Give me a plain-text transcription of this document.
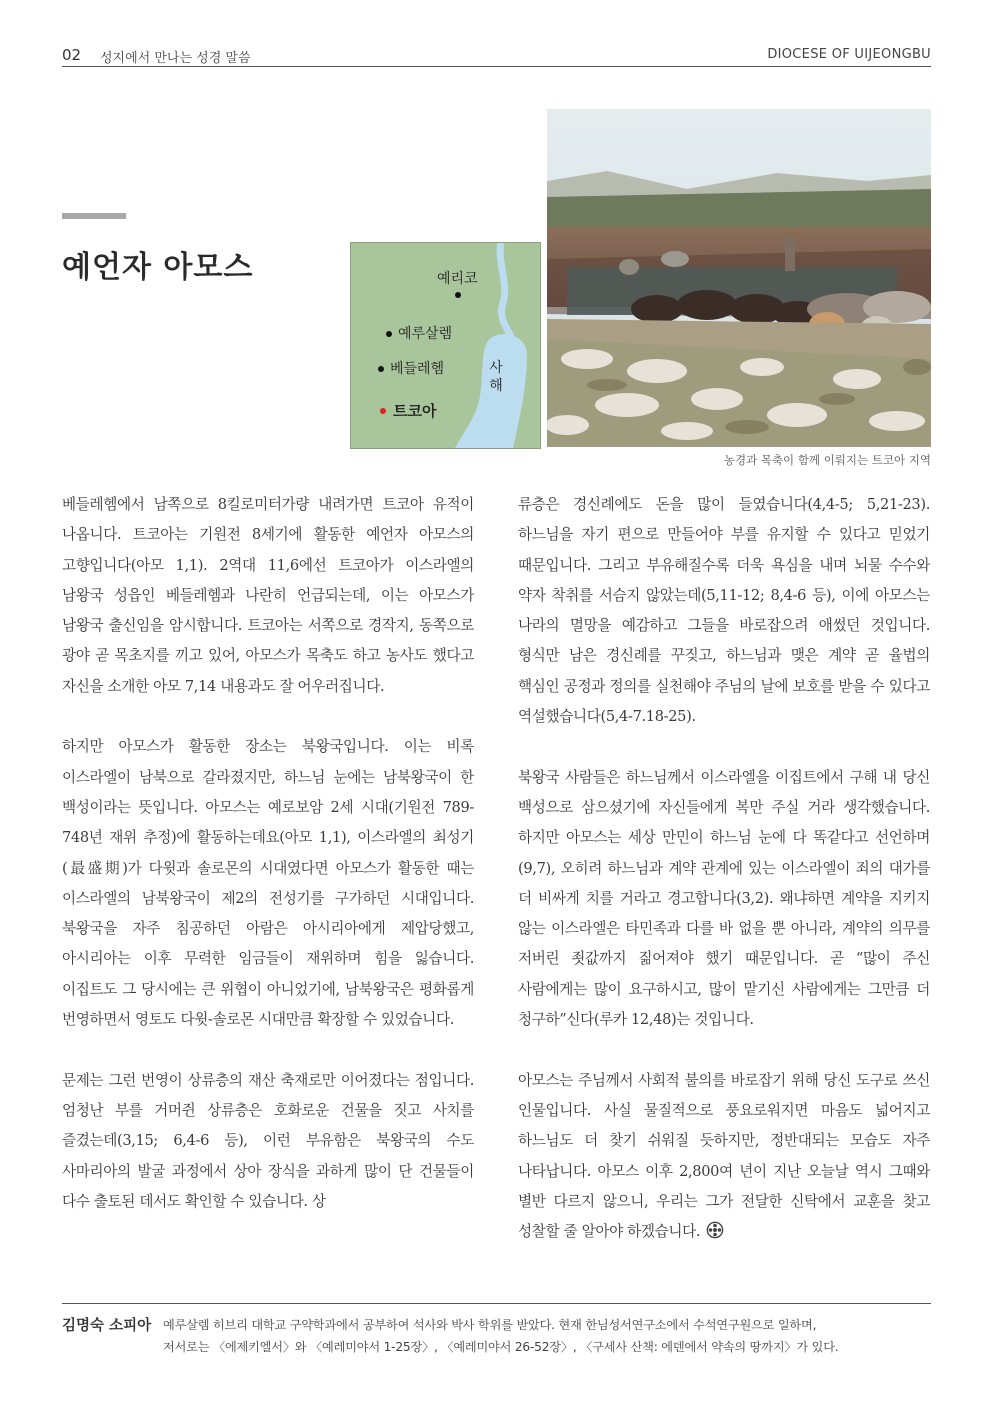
02 성지에서 만나는 성경 말씀	DIOCESE OF UIJEONGBU
예언자 아모스	예리코
예루살렘
베들레헴
트코아
사
해
농경과 목축이 함께 이뤄지는 트코아 지역

베들레헴에서 남쪽으로 8킬로미터가량 내려가면 트코아 유적이 나옵니다. 트코아는 기원전 8세기에 활동한 예언자 아모스의 고향입니다(아모 1,1). 2역대 11,6에선 트코아가 이스라엘의 남왕국 성읍인 베들레헴과 나란히 언급되는데, 이는 아모스가 남왕국 출신임을 암시합니다. 트코아는 서쪽으로 경작지, 동쪽으로 광야 곧 목초지를 끼고 있어, 아모스가 목축도 하고 농사도 했다고 자신을 소개한 아모 7,14 내용과도 잘 어우러집니다.

하지만 아모스가 활동한 장소는 북왕국입니다. 이는 비록 이스라엘이 남북으로 갈라졌지만, 하느님 눈에는 남북왕국이 한 백성이라는 뜻입니다. 아모스는 예로보암 2세 시대(기원전 789-748년 재위 추정)에 활동하는데요(아모 1,1), 이스라엘의 최성기(最盛期)가 다윗과 솔로몬의 시대였다면 아모스가 활동한 때는 이스라엘의 남북왕국이 제2의 전성기를 구가하던 시대입니다. 북왕국을 자주 침공하던 아람은 아시리아에게 제압당했고, 아시리아는 이후 무력한 임금들이 재위하며 힘을 잃습니다. 이집트도 그 당시에는 큰 위협이 아니었기에, 남북왕국은 평화롭게 번영하면서 영토도 다윗-솔로몬 시대만큼 확장할 수 있었습니다.

문제는 그런 번영이 상류층의 재산 축재로만 이어졌다는 점입니다. 엄청난 부를 거머쥔 상류층은 호화로운 건물을 짓고 사치를 즐겼는데(3,15; 6,4-6 등), 이런 부유함은 북왕국의 수도 사마리아의 발굴 과정에서 상아 장식을 과하게 많이 단 건물들이 다수 출토된 데서도 확인할 수 있습니다. 상

류층은 경신례에도 돈을 많이 들였습니다(4,4-5; 5,21-23). 하느님을 자기 편으로 만들어야 부를 유지할 수 있다고 믿었기 때문입니다. 그리고 부유해질수록 더욱 욕심을 내며 뇌물 수수와 약자 착취를 서슴지 않았는데(5,11-12; 8,4-6 등), 이에 아모스는 나라의 멸망을 예감하고 그들을 바로잡으려 애썼던 것입니다. 형식만 남은 경신례를 꾸짖고, 하느님과 맺은 계약 곧 율법의 핵심인 공정과 정의를 실천해야 주님의 날에 보호를 받을 수 있다고 역설했습니다(5,4-7.18-25).

북왕국 사람들은 하느님께서 이스라엘을 이집트에서 구해 내 당신 백성으로 삼으셨기에 자신들에게 복만 주실 거라 생각했습니다. 하지만 아모스는 세상 만민이 하느님 눈에 다 똑같다고 선언하며(9,7), 오히려 하느님과 계약 관계에 있는 이스라엘이 죄의 대가를 더 비싸게 치를 거라고 경고합니다(3,2). 왜냐하면 계약을 지키지 않는 이스라엘은 타민족과 다를 바 없을 뿐 아니라, 계약의 의무를 저버린 죗값까지 짊어져야 했기 때문입니다. 곧 “많이 주신 사람에게는 많이 요구하시고, 많이 맡기신 사람에게는 그만큼 더 청구하”신다(루카 12,48)는 것입니다.

아모스는 주님께서 사회적 불의를 바로잡기 위해 당신 도구로 쓰신 인물입니다. 사실 물질적으로 풍요로워지면 마음도 넓어지고 하느님도 더 찾기 쉬워질 듯하지만, 정반대되는 모습도 자주 나타납니다. 아모스 이후 2,800여 년이 지난 오늘날 역시 그때와 별반 다르지 않으니, 우리는 그가 전달한 신탁에서 교훈을 찾고 성찰할 줄 알아야 하겠습니다.

김명숙 소피아 예루살렘 히브리 대학교 구약학과에서 공부하여 석사와 박사 학위를 받았다. 현재 한님성서연구소에서 수석연구원으로 일하며,
저서로는 〈에제키엘서〉와 〈예레미야서 1-25장〉, 〈예레미야서 26-52장〉, 〈구세사 산책: 에덴에서 약속의 땅까지〉가 있다.
